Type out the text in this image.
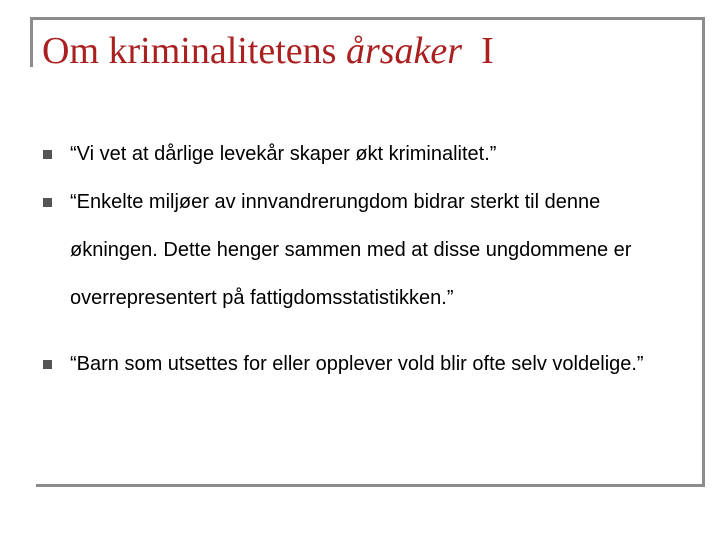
Om kriminalitetens årsaker  I
“Vi vet at dårlige levekår skaper økt kriminalitet.”
“Enkelte miljøer av innvandrerungdom bidrar sterkt til denne økningen. Dette henger sammen med at disse ungdommene er overrepresentert på fattigdomsstatistikken.”
“Barn som utsettes for eller opplever vold blir ofte selv voldelige.”
